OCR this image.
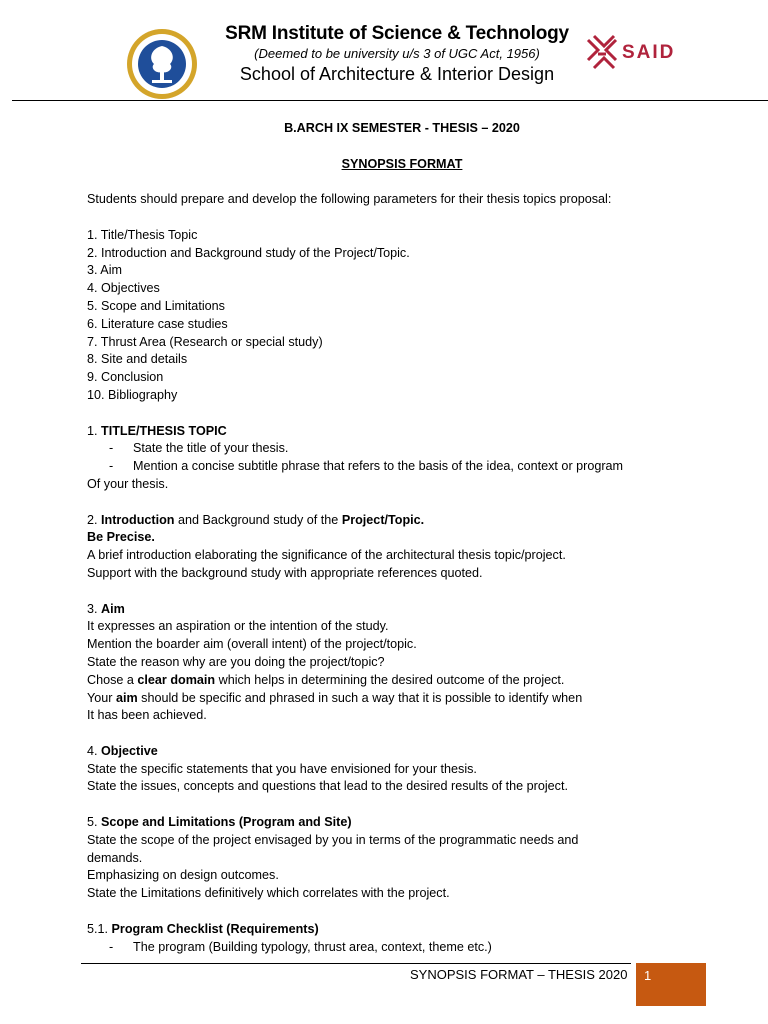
SRM Institute of Science & Technology
(Deemed to be university u/s 3 of UGC Act, 1956)
School of Architecture & Interior Design
SAID
B.ARCH IX SEMESTER - THESIS – 2020
SYNOPSIS FORMAT
Students should prepare and develop the following parameters for their thesis topics proposal:
1. Title/Thesis Topic
2. Introduction and Background study of the Project/Topic.
3. Aim
4. Objectives
5. Scope and Limitations
6. Literature case studies
7. Thrust Area (Research or special study)
8. Site and details
9. Conclusion
10. Bibliography
1. TITLE/THESIS TOPIC
- State the title of your thesis.
- Mention a concise subtitle phrase that refers to the basis of the idea, context or program
Of your thesis.
2. Introduction and Background study of the Project/Topic.
Be Precise.
A brief introduction elaborating the significance of the architectural thesis topic/project.
Support with the background study with appropriate references quoted.
3. Aim
It expresses an aspiration or the intention of the study.
Mention the boarder aim (overall intent) of the project/topic.
State the reason why are you doing the project/topic?
Chose a clear domain which helps in determining the desired outcome of the project.
Your aim should be specific and phrased in such a way that it is possible to identify when
It has been achieved.
4. Objective
State the specific statements that you have envisioned for your thesis.
State the issues, concepts and questions that lead to the desired results of the project.
5. Scope and Limitations (Program and Site)
State the scope of the project envisaged by you in terms of the programmatic needs and
demands.
Emphasizing on design outcomes.
State the Limitations definitively which correlates with the project.
5.1. Program Checklist (Requirements)
- The program (Building typology, thrust area, context, theme etc.)
SYNOPSIS FORMAT – THESIS 2020 1
